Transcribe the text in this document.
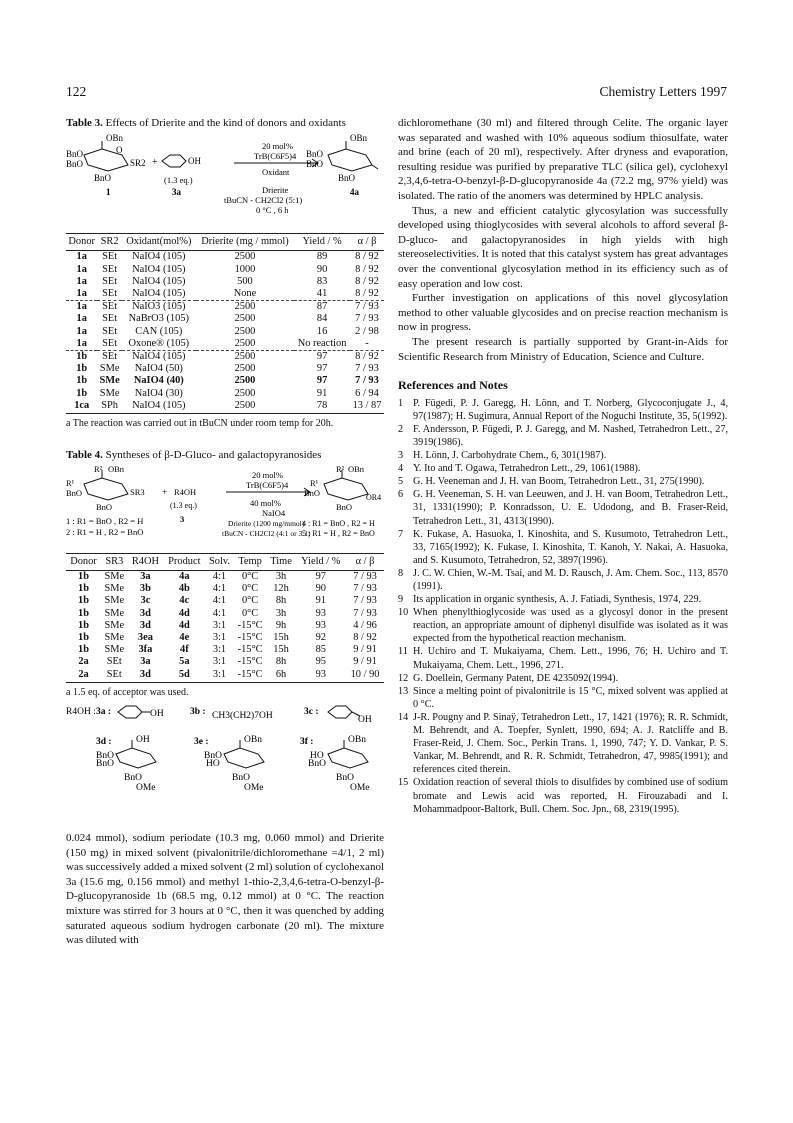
122	Chemistry Letters 1997
Table 3. Effects of Drierite and the kind of donors and oxidants
OBn
BnO
BnO
BnO
SR2
O
+	OH
(1.3 eq.)
20 mol%
TrB(C6F5)4
Oxidant
Drierite
tBuCN - CH2Cl2 (5:1)
0 °C , 6 h
OBn
BnO
BnO
BnO
1	3a	4a
Donor	SR2	Oxidant(mol%)	Drierite (mg / mmol)	Yield / %	α / β
1a	SEt	NaIO4 (105)	2500	89	8 / 92
1a	SEt	NaIO4 (105)	1000	90	8 / 92
1a	SEt	NaIO4 (105)	500	83	8 / 92
1a	SEt	NaIO4 (105)	None	41	8 / 92
1a	SEt	NaIO3 (105)	2500	87	7 / 93
1a	SEt	NaBrO3 (105)	2500	84	7 / 93
1a	SEt	CAN (105)	2500	16	2 / 98
1a	SEt	Oxone® (105)	2500	No reaction	-
1b	SEt	NaIO4 (105)	2500	97	8 / 92
1b	SMe	NaIO4 (50)	2500	97	7 / 93
1b	SMe	NaIO4 (40)	2500	97	7 / 93
1b	SMe	NaIO4 (30)	2500	91	6 / 94
1ca	SPh	NaIO4 (105)	2500	78	13 / 87
a The reaction was carried out in tBuCN under room temp for 20h.
Table 4. Syntheses of β-D-Gluco- and galactopyranosides
R² OBn
R¹
BnO	SR3
BnO
+ R4OH
(1.3 eq.)
3
20 mol%
TrB(C6F5)4
40 mol%
NaIO4
Drierite (1200 mg/mmol)
tBuCN - CH2Cl2 (4:1 or 3:1)
R² OBn
R¹
BnO	OR4
BnO
1 : R1 = BnO , R2 = H
2 : R1 = H , R2 = BnO
4 : R1 = BnO , R2 = H
5 : R1 = H , R2 = BnO
Donor	SR3	R4OH	Product	Solv.	Temp	Time	Yield / %	α / β
1b	SMe	3a	4a	4:1	0°C	3h	97	7 / 93
1b	SMe	3b	4b	4:1	0°C	12h	90	7 / 93
1b	SMe	3c	4c	4:1	0°C	8h	91	7 / 93
1b	SMe	3d	4d	4:1	0°C	3h	93	7 / 93
1b	SMe	3d	4d	3:1	-15°C	9h	93	4 / 96
1b	SMe	3ea	4e	3:1	-15°C	15h	92	8 / 92
1b	SMe	3fa	4f	3:1	-15°C	15h	85	9 / 91
2a	SEt	3a	5a	3:1	-15°C	8h	95	9 / 91
2a	SEt	3d	5d	3:1	-15°C	6h	93	10 / 90
a 1.5 eq. of acceptor was used.
R4OH : 3a :	OH	3b : CH3(CH2)7OH	3c :
OH
3d :	OH
BnO
BnO
BnO
OMe
3e :	OBn
BnO
HO
BnO
OMe
3f :	OBn
HO
BnO
BnO
OMe

0.024 mmol), sodium periodate (10.3 mg, 0.060 mmol) and Drierite (150 mg) in mixed solvent (pivalonitrile/dichloromethane =4/1, 2 ml) was successively added a mixed solvent (2 ml) solution of cyclohexanol 3a (15.6 mg, 0.156 mmol) and methyl 1-thio-2,3,4,6-tetra-O-benzyl-β-D-glucopyranoside 1b (68.5 mg, 0.12 mmol) at 0 °C. The reaction mixture was stirred for 3 hours at 0 °C, then it was quenched by adding saturated aqueous sodium hydrogen carbonate (20 ml). The mixture was diluted with

dichloromethane (30 ml) and filtered through Celite. The organic layer was separated and washed with 10% aqueous sodium thiosulfate, water and brine (each of 20 ml), respectively. After dryness and evaporation, resulting residue was purified by preparative TLC (silica gel), cyclohexyl 2,3,4,6-tetra-O-benzyl-β-D-glucopyranoside 4a (72.2 mg, 97% yield) was isolated. The ratio of the anomers was determined by HPLC analysis.

Thus, a new and efficient catalytic glycosylation was successfully developed using thioglycosides with several alcohols to afford several β-D-gluco- and galactopyranosides in high yields with high stereoselectivities. It is noted that this catalyst system has great advantages over the conventional glycosylation method in its efficiency such as of easy operation and low cost.

Further investigation on applications of this novel glycosylation method to other valuable glycosides and on precise reaction mechanism is now in progress.

The present research is partially supported by Grant-in-Aids for Scientific Research from Ministry of Education, Science and Culture.

References and Notes
1 P. Fügedi, P. J. Garegg, H. Lönn, and T. Norberg, Glycoconjugate J., 4, 97(1987); H. Sugimura, Annual Report of the Noguchi Institute, 35, 5(1992).
2 F. Andersson, P. Fügedi, P. J. Garegg, and M. Nashed, Tetrahedron Lett., 27, 3919(1986).
3 H. Lönn, J. Carbohydrate Chem., 6, 301(1987).
4 Y. Ito and T. Ogawa, Tetrahedron Lett., 29, 1061(1988).
5 G. H. Veeneman and J. H. van Boom, Tetrahedron Lett., 31, 275(1990).
6 G. H. Veeneman, S. H. van Leeuwen, and J. H. van Boom, Tetrahedron Lett., 31, 1331(1990); P. Konradsson, U. E. Udodong, and B. Fraser-Reid, Tetrahedron Lett., 31, 4313(1990).
7 K. Fukase, A. Hasuoka, I. Kinoshita, and S. Kusumoto, Tetrahedron Lett., 33, 7165(1992); K. Fukase, I. Kinoshita, T. Kanoh, Y. Nakai, A. Hasuoka, and S. Kusumoto, Tetrahedron, 52, 3897(1996).
8 J. C. W. Chien, W.-M. Tsai, and M. D. Rausch, J. Am. Chem. Soc., 113, 8570 (1991).
9 Its application in organic synthesis, A. J. Fatiadi, Synthesis, 1974, 229.
10 When phenylthioglycoside was used as a glycosyl donor in the present reaction, an appropriate amount of diphenyl disulfide was isolated as it was expected from the hypothetical reaction mechanism.
11 H. Uchiro and T. Mukaiyama, Chem. Lett., 1996, 76; H. Uchiro and T. Mukaiyama, Chem. Lett., 1996, 271.
12 G. Doellein, Germany Patent, DE 4235092(1994).
13 Since a melting point of pivalonitrile is 15 °C, mixed solvent was applied at 0 °C.
14 J-R. Pougny and P. Sinaÿ, Tetrahedron Lett., 17, 1421 (1976); R. R. Schmidt, M. Behrendt, and A. Toepfer, Synlett, 1990, 694; A. J. Ratcliffe and B. Fraser-Reid, J. Chem. Soc., Perkin Trans. 1, 1990, 747; Y. D. Vankar, P. S. Vankar, M. Behrendt, and R. R. Schmidt, Tetrahedron, 47, 9985(1991); and references cited therein.
15 Oxidation reaction of several thiols to disulfides by combined use of sodium bromate and Lewis acid was reported, H. Firouzabadi and I. Mohammadpoor-Baltork, Bull. Chem. Soc. Jpn., 68, 2319(1995).
